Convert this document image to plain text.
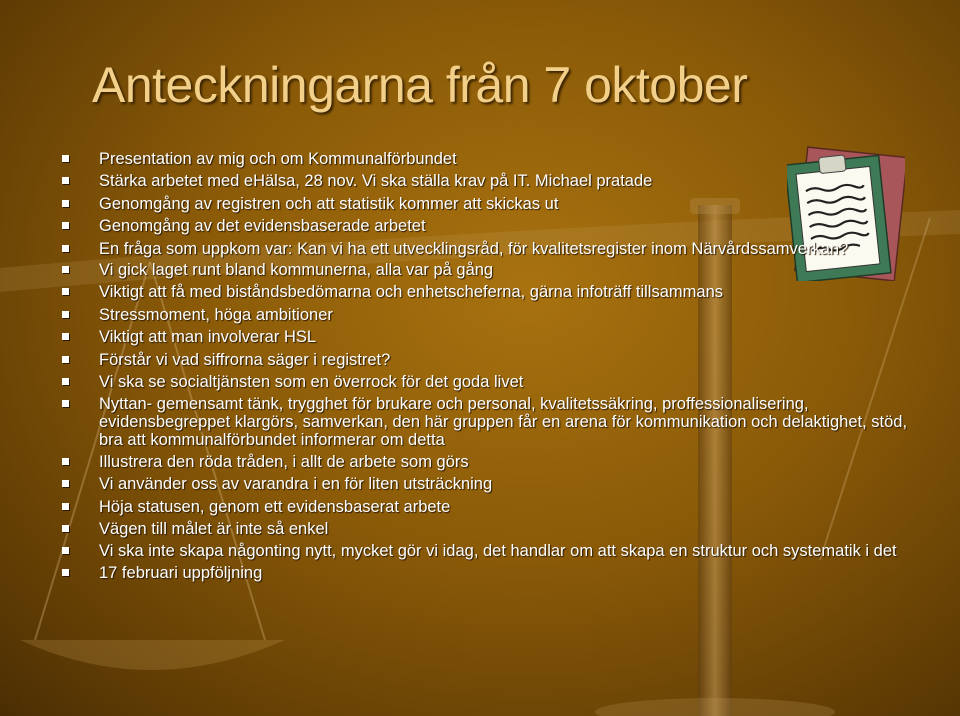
Anteckningarna från 7 oktober
Presentation av mig och om Kommunalförbundet
Stärka arbetet med eHälsa, 28 nov. Vi ska ställa krav på IT. Michael pratade
Genomgång av registren och att statistik kommer att skickas ut
Genomgång av det evidensbaserade arbetet
En fråga som uppkom var: Kan vi ha ett utvecklingsråd, för kvalitetsregister inom Närvårdssamverkan?
Vi gick laget runt bland kommunerna, alla var på gång
Viktigt att få med biståndsbedömarna och enhetscheferna, gärna infoträff tillsammans
Stressmoment, höga ambitioner
Viktigt att man involverar HSL
Förstår vi vad siffrorna säger i registret?
Vi ska se socialtjänsten som en överrock för det goda livet
Nyttan- gemensamt tänk, trygghet för brukare och personal, kvalitetssäkring, proffessionalisering, evidensbegreppet klargörs, samverkan, den här gruppen får en arena för kommunikation och delaktighet, stöd, bra att kommunalförbundet informerar om detta
Illustrera den röda tråden, i allt de arbete som görs
Vi använder oss av varandra i en för liten utsträckning
Höja statusen, genom ett evidensbaserat arbete
Vägen till målet är inte så enkel
Vi ska inte skapa någonting nytt, mycket gör vi idag, det handlar om att skapa en struktur och systematik i det
17 februari uppföljning
